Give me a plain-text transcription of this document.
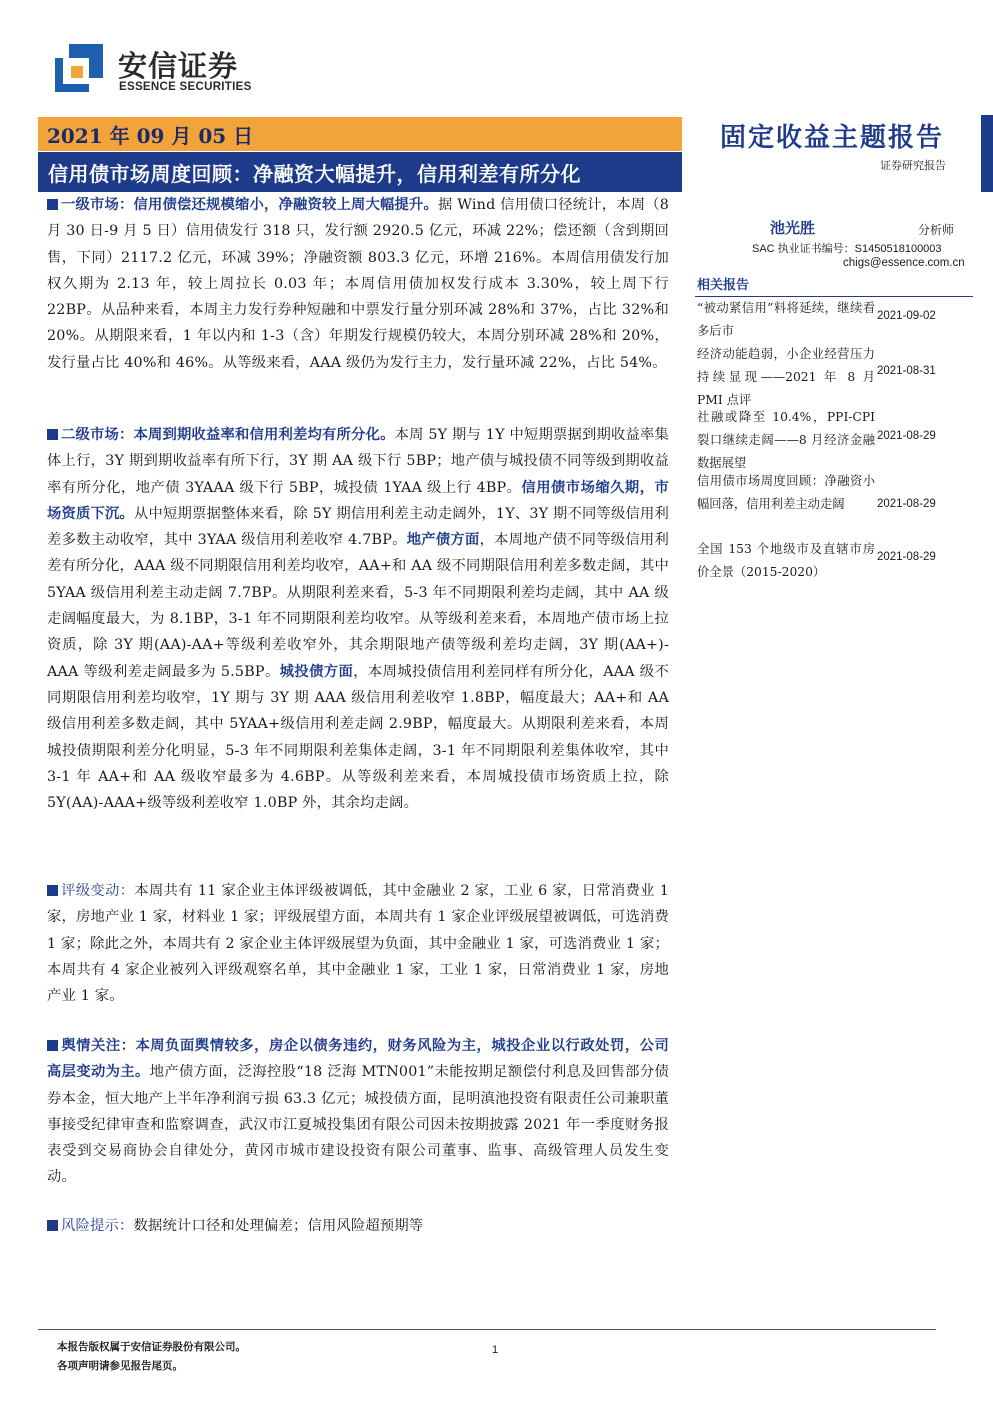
安信证券
ESSENCE SECURITIES
2021 年 09 月 05 日
信用债市场周度回顾：净融资大幅提升，信用利差有所分化
固定收益主题报告
证券研究报告
一级市场：信用债偿还规模缩小，净融资较上周大幅提升。据 Wind 信用债口径统计，本周（8 月 30 日-9 月 5 日）信用债发行 318 只，发行额 2920.5 亿元，环减 22%；偿还额（含到期回售，下同）2117.2 亿元，环减 39%；净融资额 803.3 亿元，环增 216%。本周信用债发行加权久期为 2.13 年，较上周拉长 0.03 年；本周信用债加权发行成本 3.30%，较上周下行 22BP。从品种来看，本周主力发行券种短融和中票发行量分别环减 28%和 37%，占比 32%和 20%。从期限来看，1 年以内和 1-3（含）年期发行规模仍较大，本周分别环减 28%和 20%，发行量占比 40%和 46%。从等级来看，AAA 级仍为发行主力，发行量环减 22%，占比 54%。
二级市场：本周到期收益率和信用利差均有所分化。本周 5Y 期与 1Y 中短期票据到期收益率集体上行，3Y 期到期收益率有所下行，3Y 期 AA 级下行 5BP；地产债与城投债不同等级到期收益率有所分化，地产债 3YAAA 级下行 5BP，城投债 1YAA 级上行 4BP。信用债市场缩久期，市场资质下沉。从中短期票据整体来看，除 5Y 期信用利差主动走阔外，1Y、3Y 期不同等级信用利差多数主动收窄，其中 3YAA 级信用利差收窄 4.7BP。地产债方面，本周地产债不同等级信用利差有所分化，AAA 级不同期限信用利差均收窄，AA+和 AA 级不同期限信用利差多数走阔，其中 5YAA 级信用利差主动走阔 7.7BP。从期限利差来看，5-3 年不同期限利差均走阔，其中 AA 级走阔幅度最大，为 8.1BP，3-1 年不同期限利差均收窄。从等级利差来看，本周地产债市场上拉资质，除 3Y 期(AA)-AA+等级利差收窄外，其余期限地产债等级利差均走阔，3Y 期(AA+)-AAA 等级利差走阔最多为 5.5BP。城投债方面，本周城投债信用利差同样有所分化，AAA 级不同期限信用利差均收窄，1Y 期与 3Y 期 AAA 级信用利差收窄 1.8BP，幅度最大；AA+和 AA 级信用利差多数走阔，其中 5YAA+级信用利差走阔 2.9BP，幅度最大。从期限利差来看，本周城投债期限利差分化明显，5-3 年不同期限利差集体走阔，3-1 年不同期限利差集体收窄，其中 3-1 年 AA+和 AA 级收窄最多为 4.6BP。从等级利差来看，本周城投债市场资质上拉，除 5Y(AA)-AAA+级等级利差收窄 1.0BP 外，其余均走阔。
评级变动：本周共有 11 家企业主体评级被调低，其中金融业 2 家，工业 6 家，日常消费业 1 家，房地产业 1 家，材料业 1 家；评级展望方面，本周共有 1 家企业评级展望被调低，可选消费 1 家；除此之外，本周共有 2 家企业主体评级展望为负面，其中金融业 1 家，可选消费业 1 家；本周共有 4 家企业被列入评级观察名单，其中金融业 1 家，工业 1 家，日常消费业 1 家，房地产业 1 家。
舆情关注：本周负面舆情较多，房企以债务违约，财务风险为主，城投企业以行政处罚，公司高层变动为主。地产债方面，泛海控股“18 泛海 MTN001”未能按期足额偿付利息及回售部分债券本金，恒大地产上半年净利润亏损 63.3 亿元；城投债方面，昆明滇池投资有限责任公司兼职董事接受纪律审查和监察调查，武汉市江夏城投集团有限公司因未按期披露 2021 年一季度财务报表受到交易商协会自律处分，黄冈市城市建设投资有限公司董事、监事、高级管理人员发生变动。
风险提示：数据统计口径和处理偏差；信用风险超预期等
池光胜	分析师
SAC 执业证书编号：S1450518100003
chigs@essence.com.cn
相关报告
“被动紧信用”料将延续，继续看多后市
2021-09-02
经济动能趋弱，小企业经营压力持续显现——2021 年 8 月 PMI 点评
2021-08-31
社融或降至 10.4%，PPI-CPI 裂口继续走阔——8 月经济金融数据展望
2021-08-29
信用债市场周度回顾：净融资小幅回落，信用利差主动走阔	2021-08-29
全国 153 个地级市及直辖市房价全景（2015-2020）
2021-08-29
本报告版权属于安信证券股份有限公司。
各项声明请参见报告尾页。
1
